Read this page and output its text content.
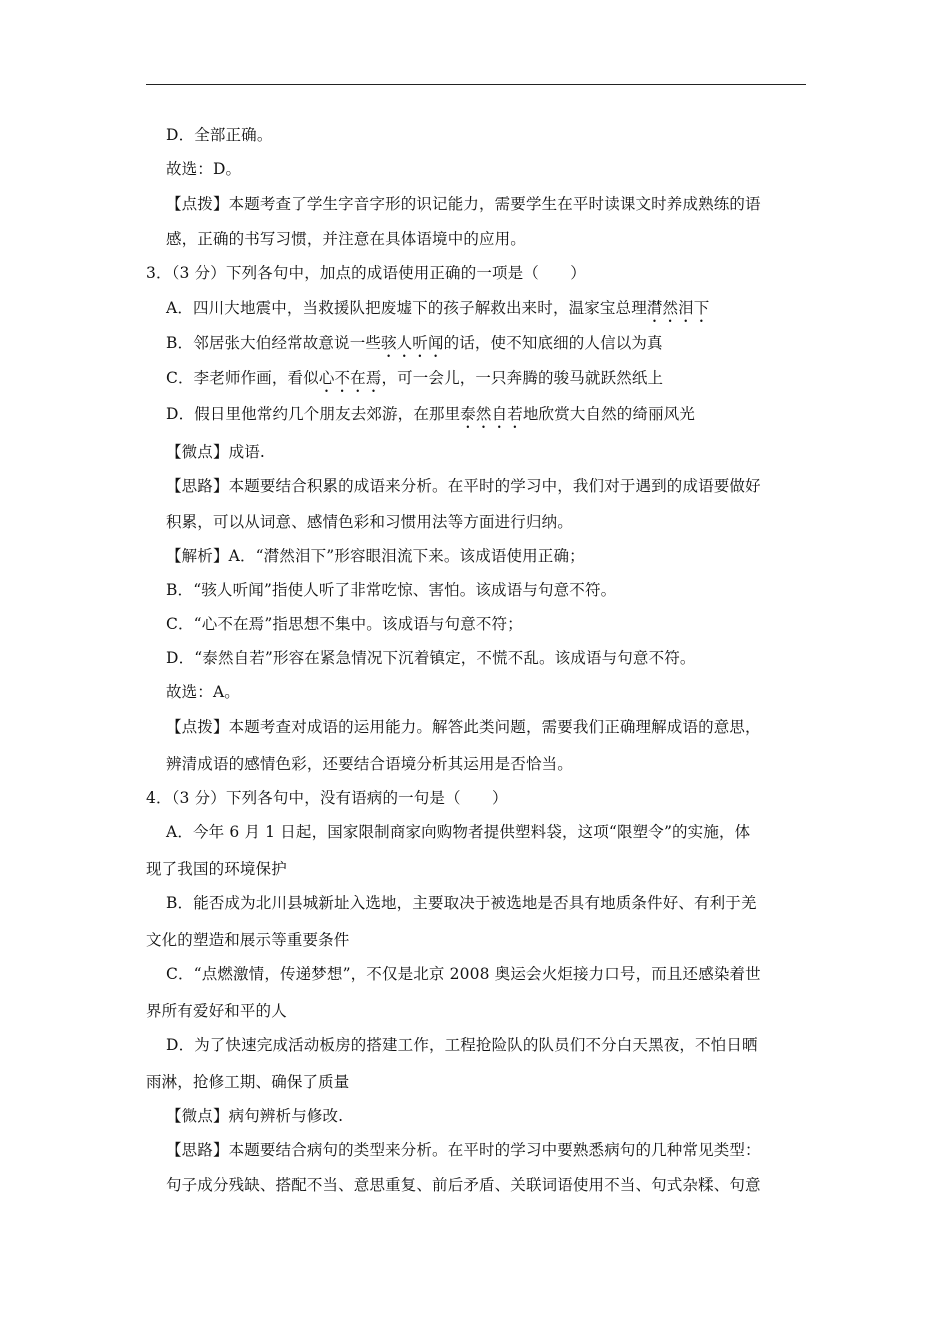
D．全部正确。
故选：D。
【点拨】本题考查了学生字音字形的识记能力，需要学生在平时读课文时养成熟练的语
感，正确的书写习惯，并注意在具体语境中的应用。
3．（3 分）下列各句中，加点的成语使用正确的一项是（　　）
A．四川大地震中，当救援队把废墟下的孩子解救出来时，温家宝总理潸然泪下
B．邻居张大伯经常故意说一些骇人听闻的话，使不知底细的人信以为真
C．李老师作画，看似心不在焉，可一会儿，一只奔腾的骏马就跃然纸上
D．假日里他常约几个朋友去郊游，在那里泰然自若地欣赏大自然的绮丽风光
【微点】成语.
【思路】本题要结合积累的成语来分析。在平时的学习中，我们对于遇到的成语要做好
积累，可以从词意、感情色彩和习惯用法等方面进行归纳。
【解析】A．“潸然泪下”形容眼泪流下来。该成语使用正确；
B．“骇人听闻”指使人听了非常吃惊、害怕。该成语与句意不符。
C．“心不在焉”指思想不集中。该成语与句意不符；
D．“泰然自若”形容在紧急情况下沉着镇定，不慌不乱。该成语与句意不符。
故选：A。
【点拨】本题考查对成语的运用能力。解答此类问题，需要我们正确理解成语的意思，
辨清成语的感情色彩，还要结合语境分析其运用是否恰当。
4．（3 分）下列各句中，没有语病的一句是（　　）
A．今年 6 月 1 日起，国家限制商家向购物者提供塑料袋，这项“限塑令”的实施，体
现了我国的环境保护
B．能否成为北川县城新址入选地，主要取决于被选地是否具有地质条件好、有利于羌
文化的塑造和展示等重要条件
C．“点燃激情，传递梦想”，不仅是北京 2008 奥运会火炬接力口号，而且还感染着世
界所有爱好和平的人
D．为了快速完成活动板房的搭建工作，工程抢险队的队员们不分白天黑夜，不怕日晒
雨淋，抢修工期、确保了质量
【微点】病句辨析与修改.
【思路】本题要结合病句的类型来分析。在平时的学习中要熟悉病句的几种常见类型：
句子成分残缺、搭配不当、意思重复、前后矛盾、关联词语使用不当、句式杂糅、句意
